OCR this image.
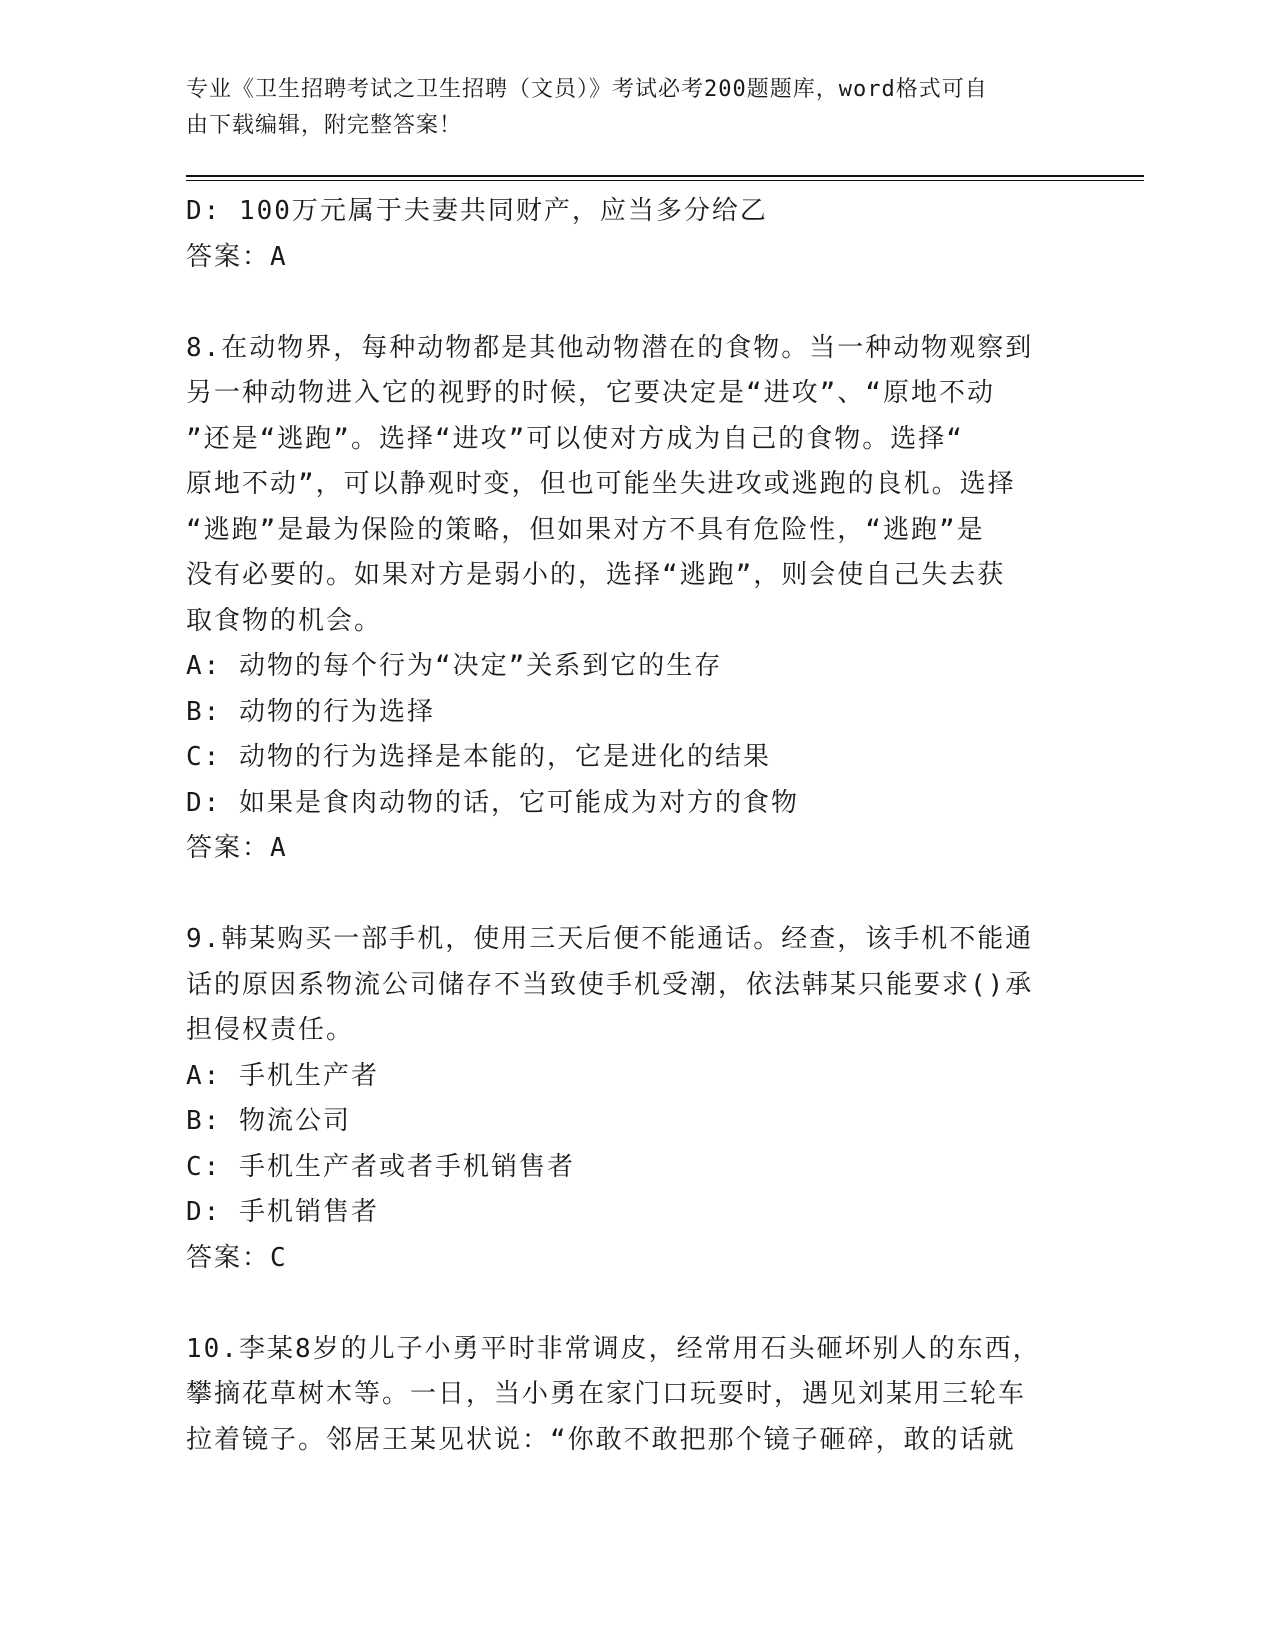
专业《卫生招聘考试之卫生招聘（文员）》考试必考200题题库，word格式可自
由下载编辑，附完整答案！
D: 100万元属于夫妻共同财产，应当多分给乙
答案：A
8.在动物界，每种动物都是其他动物潜在的食物。当一种动物观察到
另一种动物进入它的视野的时候，它要决定是“进攻”、“原地不动
”还是“逃跑”。选择“进攻”可以使对方成为自己的食物。选择“
原地不动”，可以静观时变，但也可能坐失进攻或逃跑的良机。选择
“逃跑”是最为保险的策略，但如果对方不具有危险性，“逃跑”是
没有必要的。如果对方是弱小的，选择“逃跑”，则会使自己失去获
取食物的机会。
A: 动物的每个行为“决定”关系到它的生存
B: 动物的行为选择
C: 动物的行为选择是本能的，它是进化的结果
D: 如果是食肉动物的话，它可能成为对方的食物
答案：A
9.韩某购买一部手机，使用三天后便不能通话。经查，该手机不能通
话的原因系物流公司储存不当致使手机受潮，依法韩某只能要求()承
担侵权责任。
A: 手机生产者
B: 物流公司
C: 手机生产者或者手机销售者
D: 手机销售者
答案：C
10.李某8岁的儿子小勇平时非常调皮，经常用石头砸坏别人的东西，
攀摘花草树木等。一日，当小勇在家门口玩耍时，遇见刘某用三轮车
拉着镜子。邻居王某见状说：“你敢不敢把那个镜子砸碎，敢的话就
